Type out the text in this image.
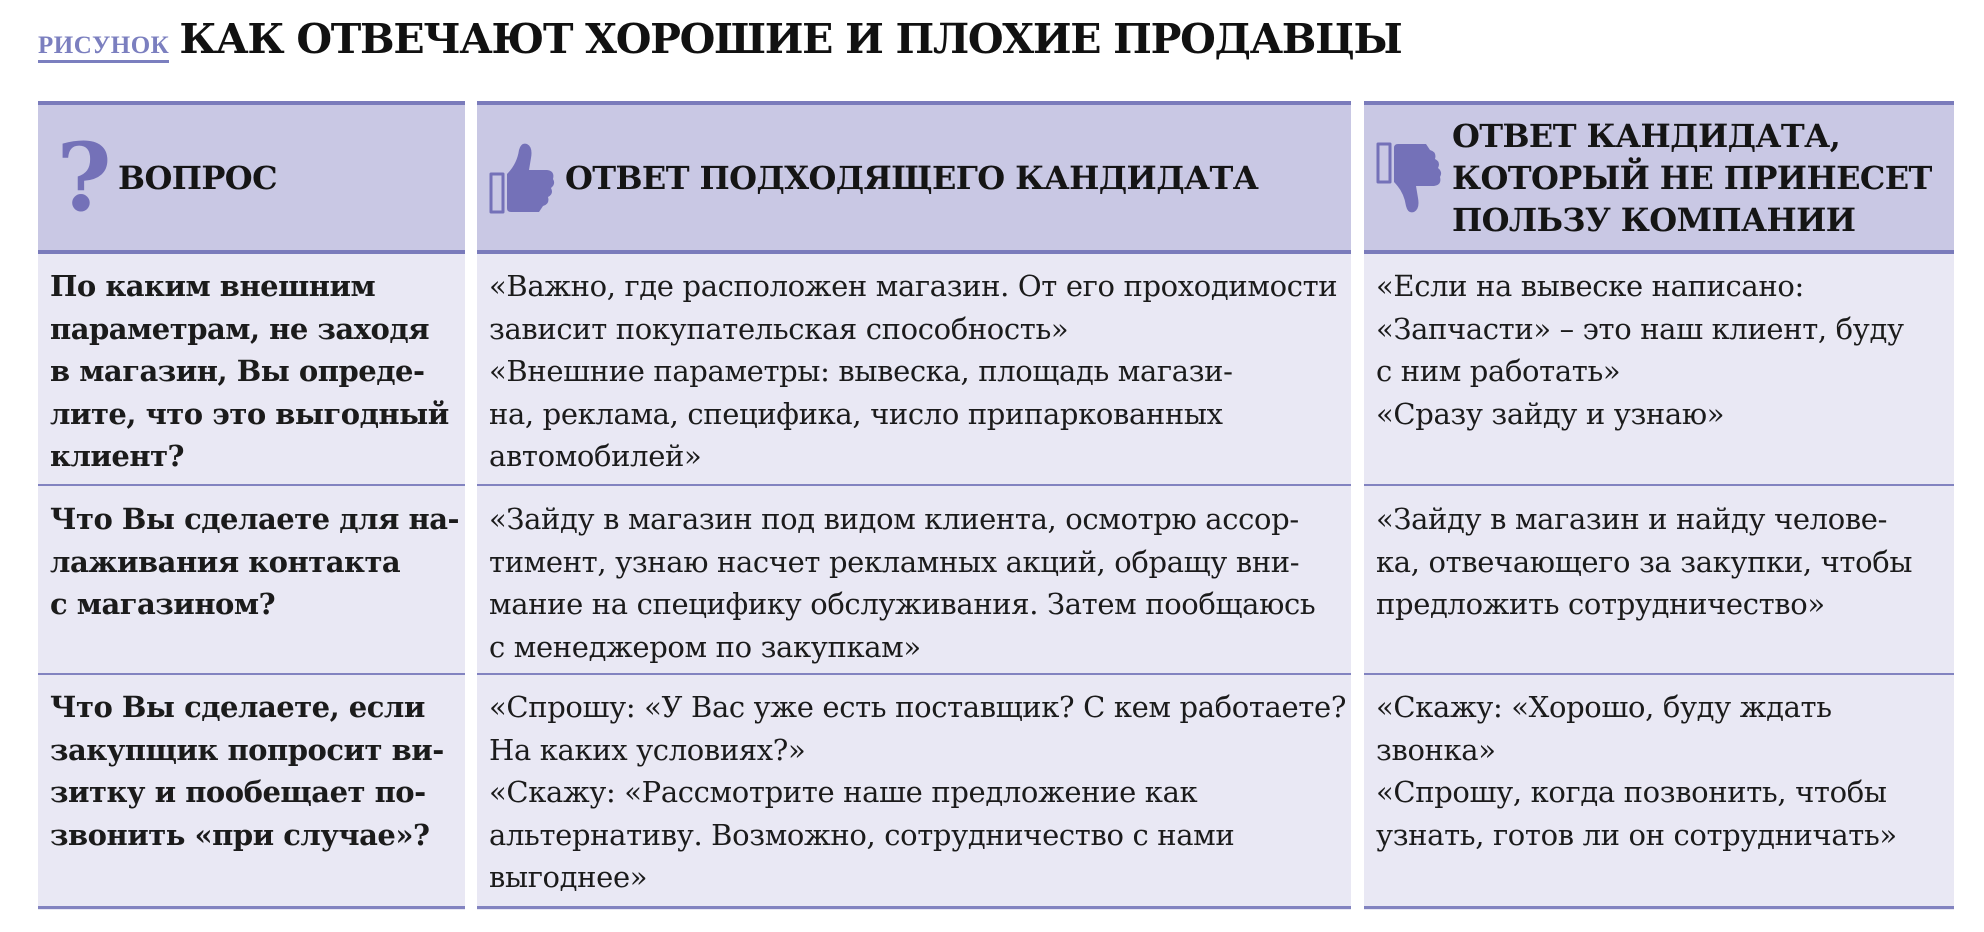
РИСУНОК КАК ОТВЕЧАЮТ ХОРОШИЕ И ПЛОХИЕ ПРОДАВЦЫ
? ВОПРОС
По каким внешним
параметрам, не заходя
в магазин, Вы опреде-
лите, что это выгодный
клиент?
Что Вы сделаете для на-
лаживания контакта
с магазином?
Что Вы сделаете, если
закупщик попросит ви-
зитку и пообещает по-
звонить «при случае»?
ОТВЕТ ПОДХОДЯЩЕГО КАНДИДАТА
«Важно, где расположен магазин. От его проходимости
зависит покупательская способность»
«Внешние параметры: вывеска, площадь магази-
на, реклама, специфика, число припаркованных
автомобилей»
«Зайду в магазин под видом клиента, осмотрю ассор-
тимент, узнаю насчет рекламных акций, обращу вни-
мание на специфику обслуживания. Затем пообщаюсь
с менеджером по закупкам»
«Спрошу: «У Вас уже есть поставщик? С кем работаете?
На каких условиях?»
«Скажу: «Рассмотрите наше предложение как
альтернативу. Возможно, сотрудничество с нами
выгоднее»
ОТВЕТ КАНДИДАТА, КОТОРЫЙ НЕ ПРИНЕСЕТ ПОЛЬЗУ КОМПАНИИ
«Если на вывеске написано:
«Запчасти» – это наш клиент, буду
с ним работать»
«Сразу зайду и узнаю»
«Зайду в магазин и найду челове-
ка, отвечающего за закупки, чтобы
предложить сотрудничество»
«Скажу: «Хорошо, буду ждать
звонка»
«Спрошу, когда позвонить, чтобы
узнать, готов ли он сотрудничать»
